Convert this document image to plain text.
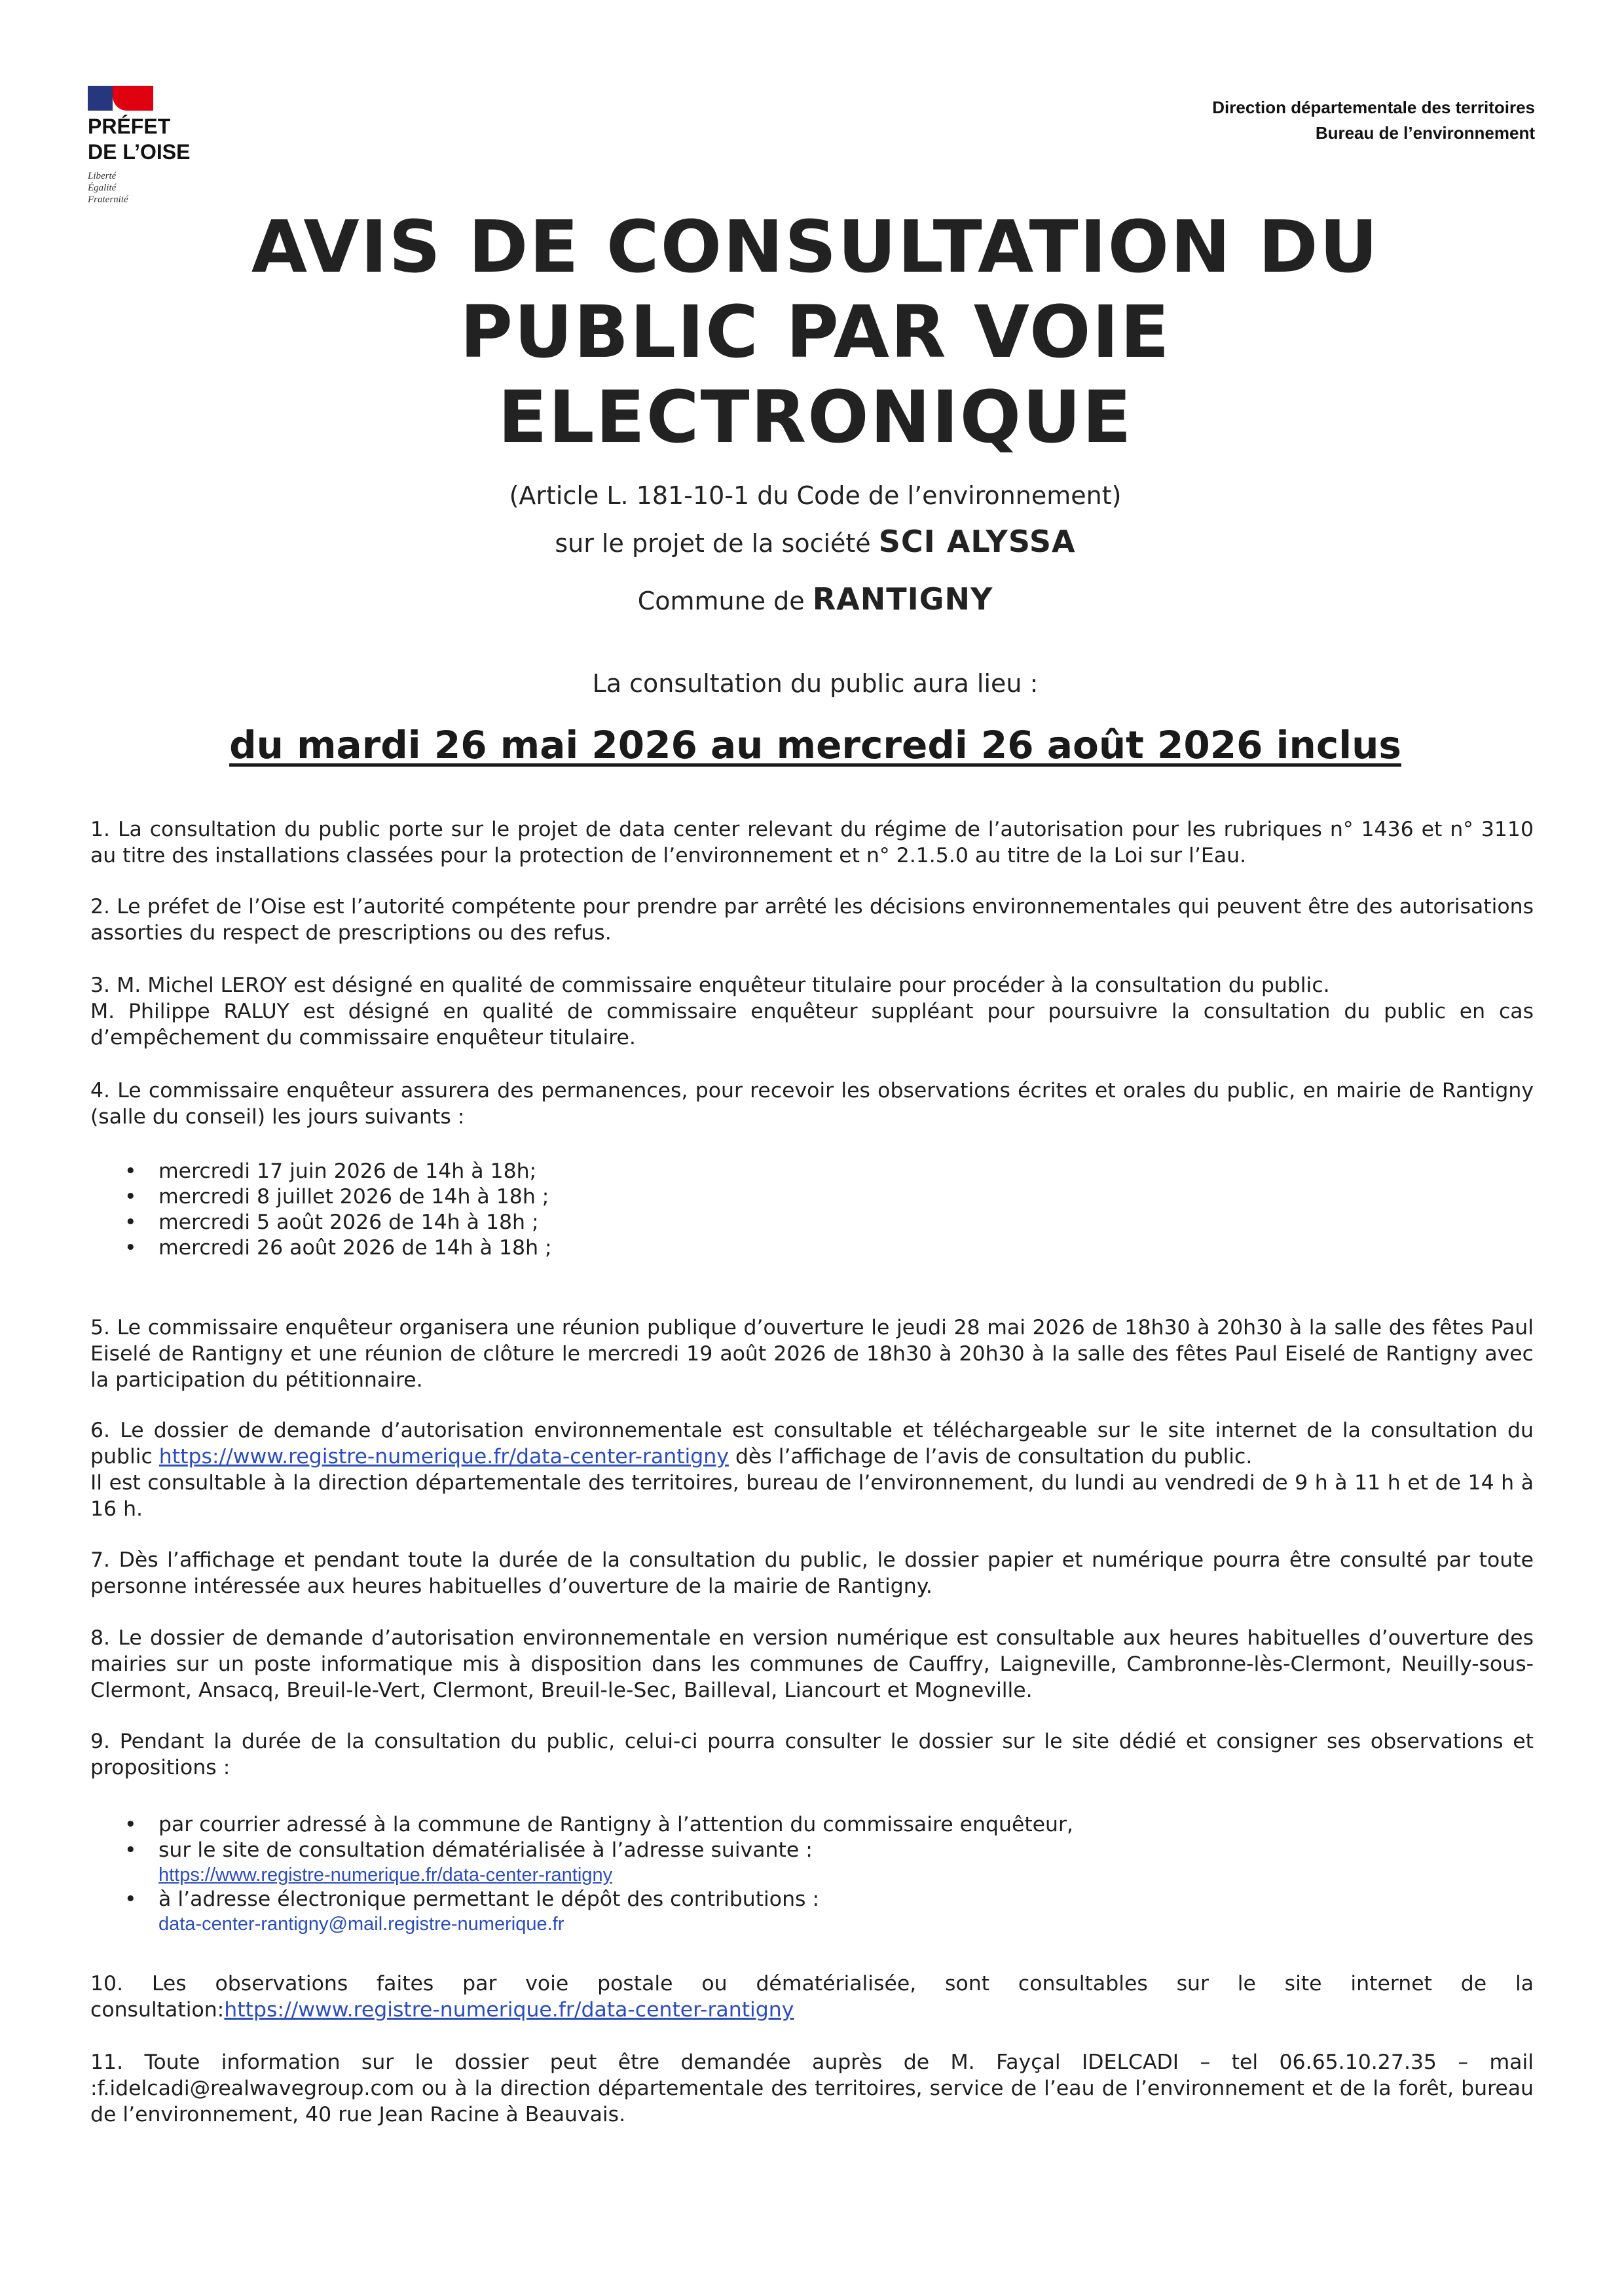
PRÉFET
DE L’OISE
Liberté
Égalité
Fraternité
Direction départementale des territoires
Bureau de l’environnement
AVIS DE CONSULTATION DU
PUBLIC PAR VOIE
ELECTRONIQUE
(Article L. 181-10-1 du Code de l’environnement)
sur le projet de la société SCI ALYSSA
Commune de RANTIGNY
La consultation du public aura lieu :
du mardi 26 mai 2026 au mercredi 26 août 2026 inclus

1. La consultation du public porte sur le projet de data center relevant du régime de l’autorisation pour les rubriques n° 1436 et n° 3110 au titre des installations classées pour la protection de l’environnement et n° 2.1.5.0 au titre de la Loi sur l’Eau.

2. Le préfet de l’Oise est l’autorité compétente pour prendre par arrêté les décisions environnementales qui peuvent être des autorisations assorties du respect de prescriptions ou des refus.

3. M. Michel LEROY est désigné en qualité de commissaire enquêteur titulaire pour procéder à la consultation du public.

M. Philippe RALUY est désigné en qualité de commissaire enquêteur suppléant pour poursuivre la consultation du public en cas d’empêchement du commissaire enquêteur titulaire.

4. Le commissaire enquêteur assurera des permanences, pour recevoir les observations écrites et orales du public, en mairie de Rantigny (salle du conseil) les jours suivants :

• mercredi 17 juin 2026 de 14h à 18h;
• mercredi 8 juillet 2026 de 14h à 18h ;
• mercredi 5 août 2026 de 14h à 18h ;
• mercredi 26 août 2026 de 14h à 18h ;

5. Le commissaire enquêteur organisera une réunion publique d’ouverture le jeudi 28 mai 2026 de 18h30 à 20h30 à la salle des fêtes Paul Eiselé de Rantigny et une réunion de clôture le mercredi 19 août 2026 de 18h30 à 20h30 à la salle des fêtes Paul Eiselé de Rantigny avec la participation du pétitionnaire.

6. Le dossier de demande d’autorisation environnementale est consultable et téléchargeable sur le site internet de la consultation du public https://www.registre-numerique.fr/data-center-rantigny dès l’affichage de l’avis de consultation du public.

Il est consultable à la direction départementale des territoires, bureau de l’environnement, du lundi au vendredi de 9 h à 11 h et de 14 h à 16 h.

7. Dès l’affichage et pendant toute la durée de la consultation du public, le dossier papier et numérique pourra être consulté par toute personne intéressée aux heures habituelles d’ouverture de la mairie de Rantigny.

8. Le dossier de demande d’autorisation environnementale en version numérique est consultable aux heures habituelles d’ouverture des mairies sur un poste informatique mis à disposition dans les communes de Cauffry, Laigneville, Cambronne-lès-Clermont, Neuilly-sous-Clermont, Ansacq, Breuil-le-Vert, Clermont, Breuil-le-Sec, Bailleval, Liancourt et Mogneville.

9. Pendant la durée de la consultation du public, celui-ci pourra consulter le dossier sur le site dédié et consigner ses observations et propositions :

• par courrier adressé à la commune de Rantigny à l’attention du commissaire enquêteur,
• sur le site de consultation dématérialisée à l’adresse suivante :
https://www.registre-numerique.fr/data-center-rantigny
• à l’adresse électronique permettant le dépôt des contributions :
data-center-rantigny@mail.registre-numerique.fr

10. Les observations faites par voie postale ou dématérialisée, sont consultables sur le site internet de la consultation:https://www.registre-numerique.fr/data-center-rantigny

11. Toute information sur le dossier peut être demandée auprès de M. Fayçal IDELCADI – tel 06.65.10.27.35 – mail :f.idelcadi@realwavegroup.com ou à la direction départementale des territoires, service de l’eau de l’environnement et de la forêt, bureau de l’environnement, 40 rue Jean Racine à Beauvais.
